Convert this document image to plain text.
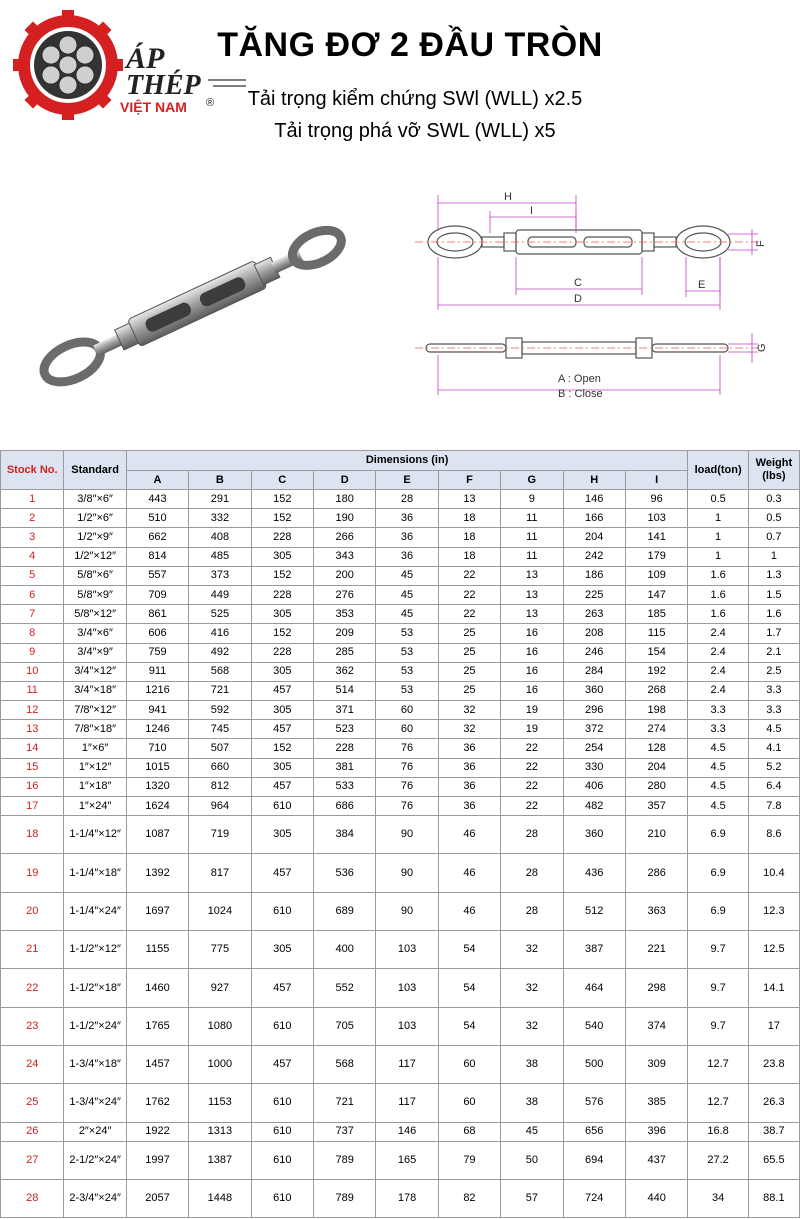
ÁP
THÉP
VIỆT NAM ®
TĂNG ĐƠ 2 ĐẦU TRÒN
Tải trọng kiểm chứng SWl (WLL) x2.5
Tải trọng phá vỡ SWL (WLL) x5
H
I
C
D
E
F
G
A : Open
B : Close
Stock No.	Standard	Dimensions (in)									load(ton)	Weight (lbs)
		A	B	C	D	E	F	G	H	I		
1	3/8″×6″	443	291	152	180	28	13	9	146	96	0.5	0.3
2	1/2″×6″	510	332	152	190	36	18	11	166	103	1	0.5
3	1/2″×9″	662	408	228	266	36	18	11	204	141	1	0.7
4	1/2″×12″	814	485	305	343	36	18	11	242	179	1	1
5	5/8″×6″	557	373	152	200	45	22	13	186	109	1.6	1.3
6	5/8″×9″	709	449	228	276	45	22	13	225	147	1.6	1.5
7	5/8″×12″	861	525	305	353	45	22	13	263	185	1.6	1.6
8	3/4″×6″	606	416	152	209	53	25	16	208	115	2.4	1.7
9	3/4″×9″	759	492	228	285	53	25	16	246	154	2.4	2.1
10	3/4″×12″	911	568	305	362	53	25	16	284	192	2.4	2.5
11	3/4″×18″	1216	721	457	514	53	25	16	360	268	2.4	3.3
12	7/8″×12″	941	592	305	371	60	32	19	296	198	3.3	3.3
13	7/8″×18″	1246	745	457	523	60	32	19	372	274	3.3	4.5
14	1″×6″	710	507	152	228	76	36	22	254	128	4.5	4.1
15	1″×12″	1015	660	305	381	76	36	22	330	204	4.5	5.2
16	1″×18″	1320	812	457	533	76	36	22	406	280	4.5	6.4
17	1″×24″	1624	964	610	686	76	36	22	482	357	4.5	7.8
18	1-1/4″×12″	1087	719	305	384	90	46	28	360	210	6.9	8.6
19	1-1/4″×18″	1392	817	457	536	90	46	28	436	286	6.9	10.4
20	1-1/4″×24″	1697	1024	610	689	90	46	28	512	363	6.9	12.3
21	1-1/2″×12″	1155	775	305	400	103	54	32	387	221	9.7	12.5
22	1-1/2″×18″	1460	927	457	552	103	54	32	464	298	9.7	14.1
23	1-1/2″×24″	1765	1080	610	705	103	54	32	540	374	9.7	17
24	1-3/4″×18″	1457	1000	457	568	117	60	38	500	309	12.7	23.8
25	1-3/4″×24″	1762	1153	610	721	117	60	38	576	385	12.7	26.3
26	2″×24″	1922	1313	610	737	146	68	45	656	396	16.8	38.7
27	2-1/2″×24″	1997	1387	610	789	165	79	50	694	437	27.2	65.5
28	2-3/4″×24″	2057	1448	610	789	178	82	57	724	440	34	88.1
